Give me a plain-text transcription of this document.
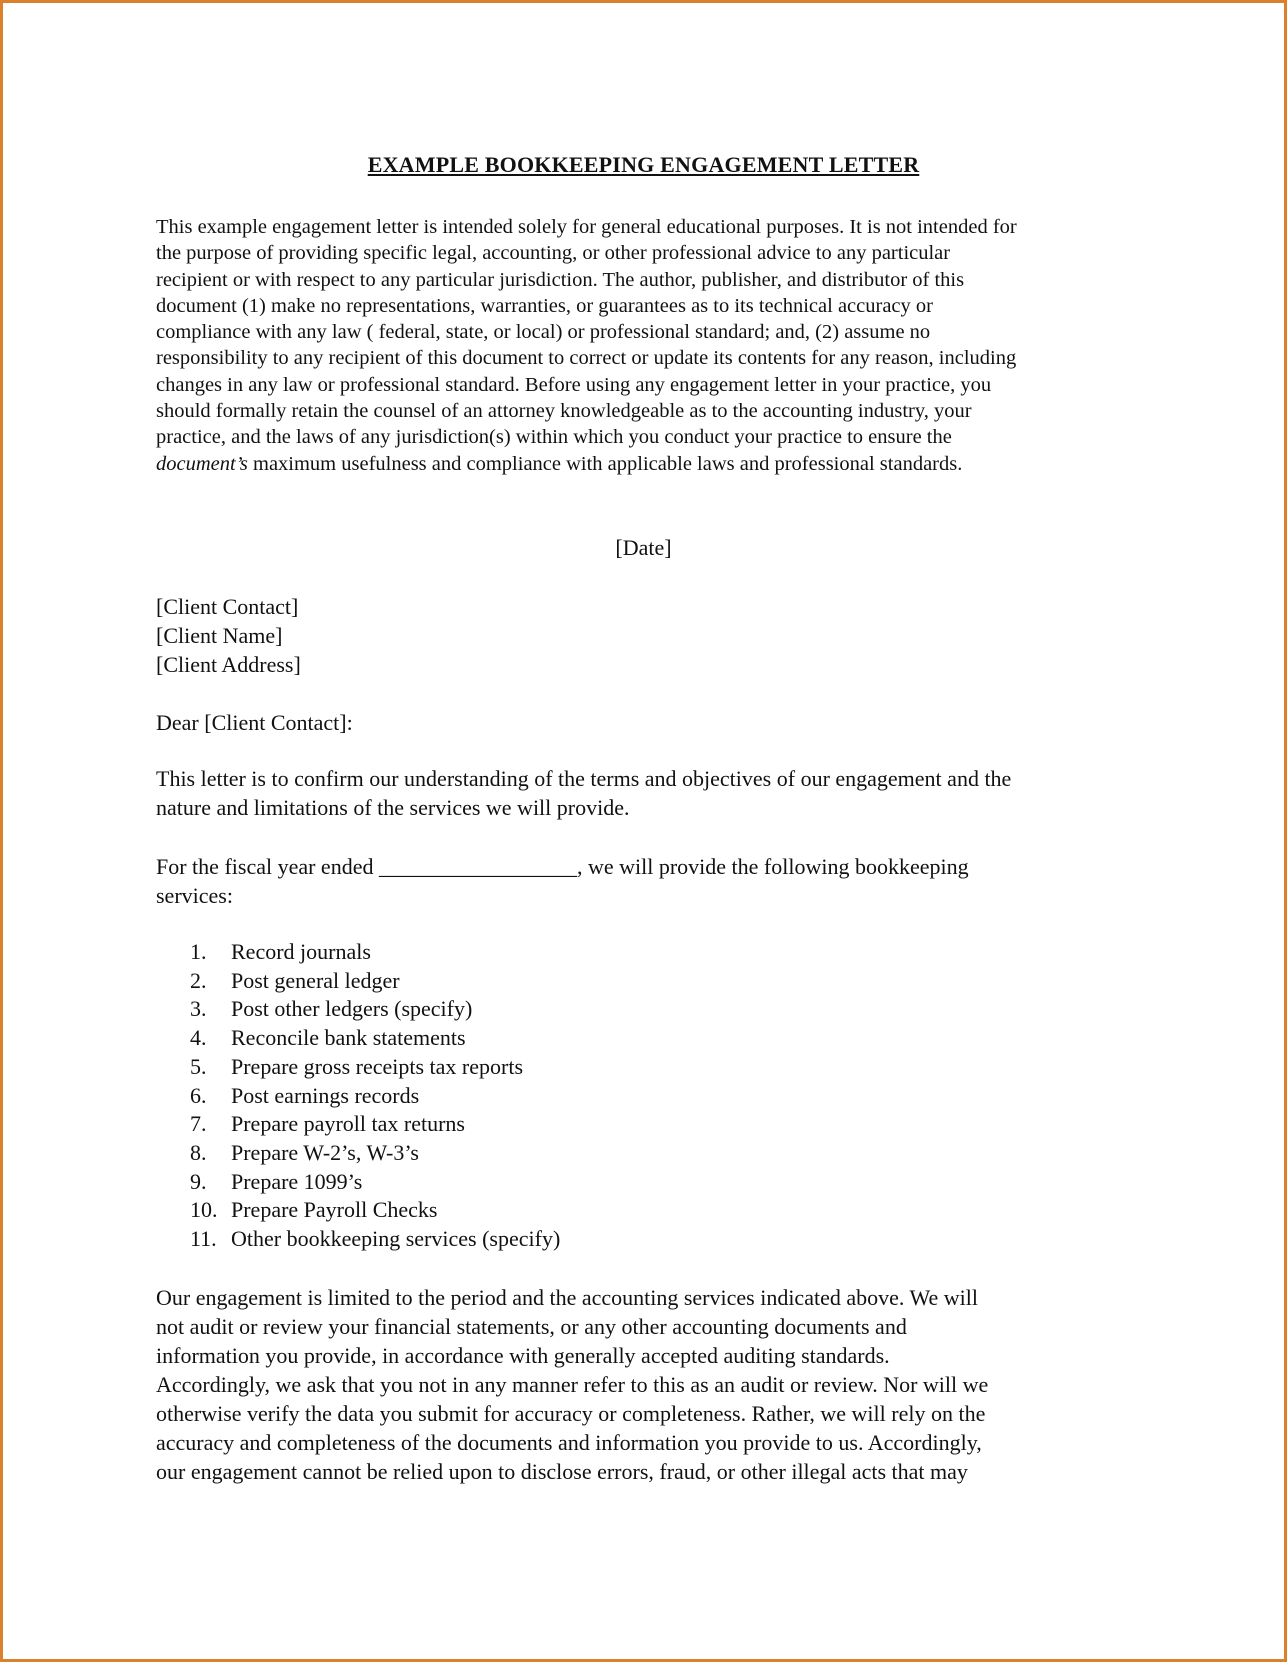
EXAMPLE BOOKKEEPING ENGAGEMENT LETTER

This example engagement letter is intended solely for general educational purposes. It is not intended for
the purpose of providing specific legal, accounting, or other professional advice to any particular
recipient or with respect to any particular jurisdiction. The author, publisher, and distributor of this
document (1) make no representations, warranties, or guarantees as to its technical accuracy or
compliance with any law ( federal, state, or local) or professional standard; and, (2) assume no
responsibility to any recipient of this document to correct or update its contents for any reason, including
changes in any law or professional standard. Before using any engagement letter in your practice, you
should formally retain the counsel of an attorney knowledgeable as to the accounting industry, your
practice, and the laws of any jurisdiction(s) within which you conduct your practice to ensure the
document’s maximum usefulness and compliance with applicable laws and professional standards.

[Date]

[Client Contact]
[Client Name]
[Client Address]

Dear [Client Contact]:

This letter is to confirm our understanding of the terms and objectives of our engagement and the
nature and limitations of the services we will provide.

For the fiscal year ended __________________, we will provide the following bookkeeping
services:

1.	Record journals
2.	Post general ledger
3.	Post other ledgers (specify)
4.	Reconcile bank statements
5.	Prepare gross receipts tax reports
6.	Post earnings records
7.	Prepare payroll tax returns
8.	Prepare W-2’s, W-3’s
9.	Prepare 1099’s
10. Prepare Payroll Checks
11. Other bookkeeping services (specify)

Our engagement is limited to the period and the accounting services indicated above. We will
not audit or review your financial statements, or any other accounting documents and
information you provide, in accordance with generally accepted auditing standards.
Accordingly, we ask that you not in any manner refer to this as an audit or review. Nor will we
otherwise verify the data you submit for accuracy or completeness. Rather, we will rely on the
accuracy and completeness of the documents and information you provide to us. Accordingly,
our engagement cannot be relied upon to disclose errors, fraud, or other illegal acts that may
